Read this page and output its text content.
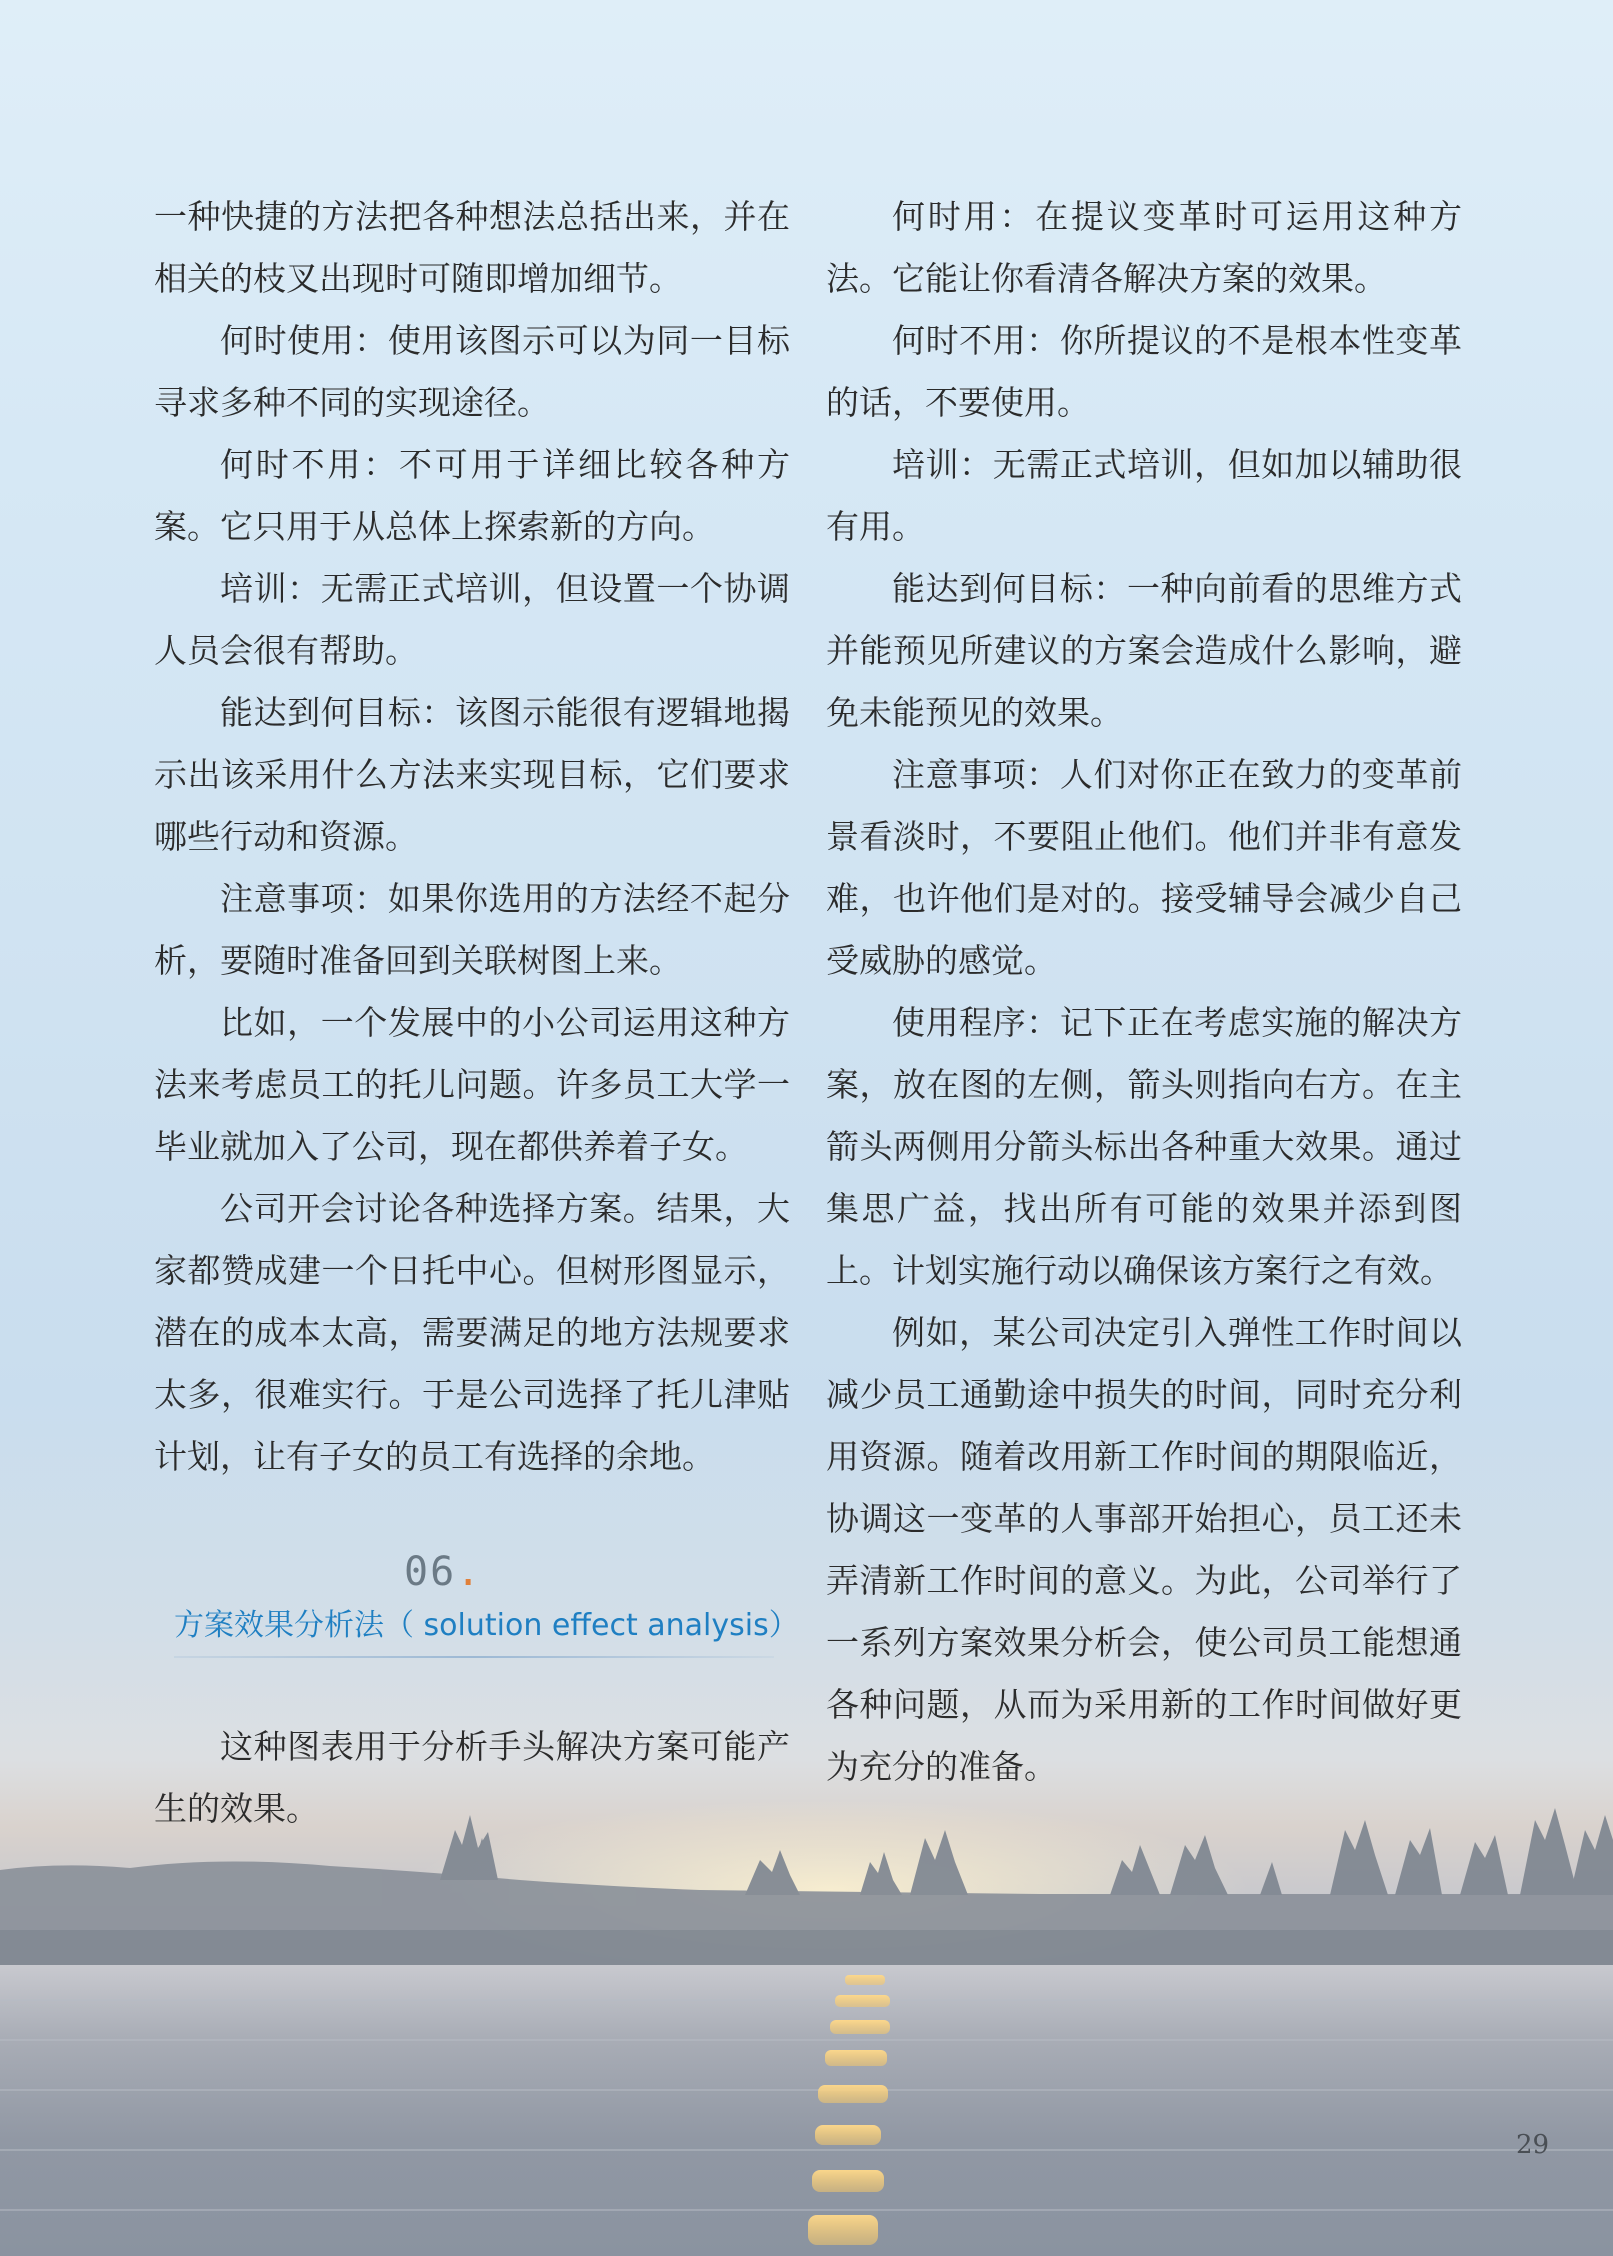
一种快捷的方法把各种想法总括出来，并在相关的枝叉出现时可随即增加细节。

何时使用：使用该图示可以为同一目标寻求多种不同的实现途径。

何时不用：不可用于详细比较各种方案。它只用于从总体上探索新的方向。

培训：无需正式培训，但设置一个协调人员会很有帮助。

能达到何目标：该图示能很有逻辑地揭示出该采用什么方法来实现目标，它们要求哪些行动和资源。

注意事项：如果你选用的方法经不起分析，要随时准备回到关联树图上来。

比如，一个发展中的小公司运用这种方法来考虑员工的托儿问题。许多员工大学一毕业就加入了公司，现在都供养着子女。

公司开会讨论各种选择方案。结果，大家都赞成建一个日托中心。但树形图显示，潜在的成本太高，需要满足的地方法规要求太多，很难实行。于是公司选择了托儿津贴计划，让有子女的员工有选择的余地。

06.
方案效果分析法（ solution effect analysis）

这种图表用于分析手头解决方案可能产生的效果。

何时用：在提议变革时可运用这种方法。它能让你看清各解决方案的效果。

何时不用：你所提议的不是根本性变革的话，不要使用。

培训：无需正式培训，但如加以辅助很有用。

能达到何目标：一种向前看的思维方式并能预见所建议的方案会造成什么影响，避免未能预见的效果。

注意事项：人们对你正在致力的变革前景看淡时，不要阻止他们。他们并非有意发难，也许他们是对的。接受辅导会减少自己受威胁的感觉。

使用程序：记下正在考虑实施的解决方案，放在图的左侧，箭头则指向右方。在主箭头两侧用分箭头标出各种重大效果。通过集思广益，找出所有可能的效果并添到图上。计划实施行动以确保该方案行之有效。

例如，某公司决定引入弹性工作时间以减少员工通勤途中损失的时间，同时充分利用资源。随着改用新工作时间的期限临近，协调这一变革的人事部开始担心，员工还未弄清新工作时间的意义。为此，公司举行了一系列方案效果分析会，使公司员工能想通各种问题，从而为采用新的工作时间做好更为充分的准备。

29
